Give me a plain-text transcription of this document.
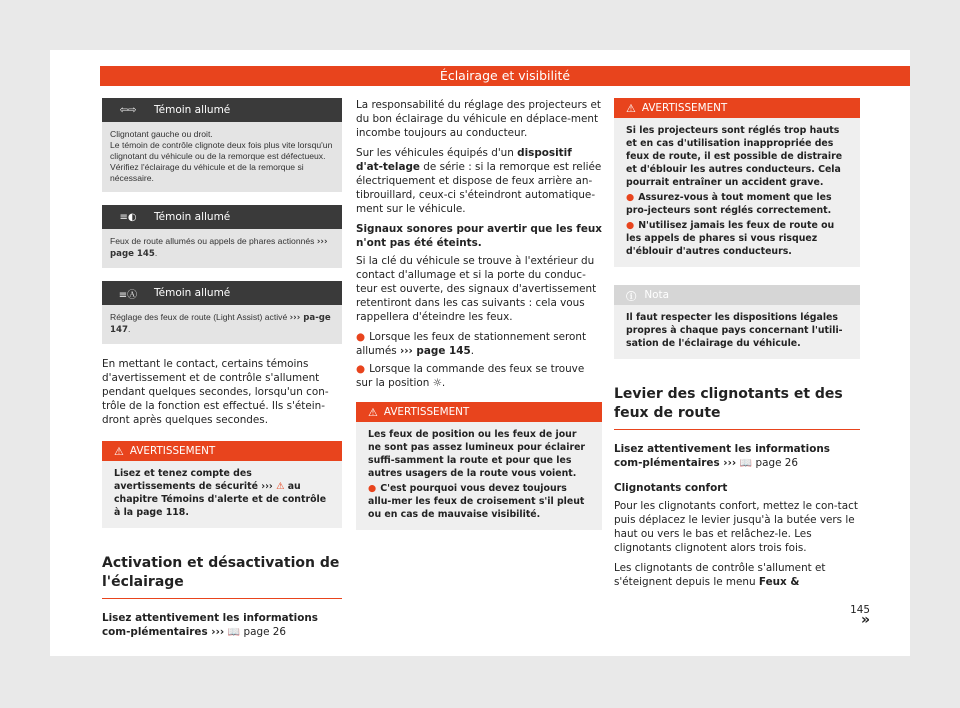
Éclairage et visibilité
⇦⇨	Témoin allumé
Clignotant gauche ou droit.
Le témoin de contrôle clignote deux fois plus vite lorsqu'un clignotant du véhicule ou de la remorque est défectueux. Vérifiez l'éclairage du véhicule et de la remorque si nécessaire.
≡◐	Témoin allumé
Feux de route allumés ou appels de phares actionnés ››› page 145.
≡Ⓐ	Témoin allumé
Réglage des feux de route (Light Assist) activé ››› pa-ge 147.

En mettant le contact, certains témoins d'avertissement et de contrôle s'allument pendant quelques secondes, lorsqu'un con-trôle de la fonction est effectué. Ils s'étein-dront après quelques secondes.

⚠ AVERTISSEMENT
Lisez et tenez compte des avertissements de sécurité ››› ⚠ au chapitre Témoins d'alerte et de contrôle à la page 118.
Activation et désactivation de l'éclairage

Lisez attentivement les informations com-plémentaires ››› 📖 page 26

La responsabilité du réglage des projecteurs et du bon éclairage du véhicule en déplace-ment incombe toujours au conducteur.

Sur les véhicules équipés d'un dispositif d'at-telage de série : si la remorque est reliée électriquement et dispose de feux arrière an-tibrouillard, ceux-ci s'éteindront automatique-ment sur le véhicule.

Signaux sonores pour avertir que les feux n'ont pas été éteints.

Si la clé du véhicule se trouve à l'extérieur du contact d'allumage et si la porte du conduc-teur est ouverte, des signaux d'avertissement retentiront dans les cas suivants : cela vous rappellera d'éteindre les feux.

● Lorsque les feux de stationnement seront allumés ››› page 145.

● Lorsque la commande des feux se trouve sur la position ☼.

⚠ AVERTISSEMENT
Les feux de position ou les feux de jour ne sont pas assez lumineux pour éclairer suffi-samment la route et pour que les autres usagers de la route vous voient.
● C'est pourquoi vous devez toujours allu-mer les feux de croisement s'il pleut ou en cas de mauvaise visibilité.
⚠ AVERTISSEMENT
Si les projecteurs sont réglés trop hauts et en cas d'utilisation inappropriée des feux de route, il est possible de distraire et d'éblouir les autres conducteurs. Cela pourrait entraîner un accident grave.
● Assurez-vous à tout moment que les pro-jecteurs sont réglés correctement.
● N'utilisez jamais les feux de route ou les appels de phares si vous risquez d'éblouir d'autres conducteurs.
ⓘ Nota
Il faut respecter les dispositions légales propres à chaque pays concernant l'utili-sation de l'éclairage du véhicule.
Levier des clignotants et des feux de route

Lisez attentivement les informations com-plémentaires ››› 📖 page 26

Clignotants confort

Pour les clignotants confort, mettez le con-tact puis déplacez le levier jusqu'à la butée vers le haut ou vers le bas et relâchez-le. Les clignotants clignotent alors trois fois.

Les clignotants de contrôle s'allument et s'éteignent depuis le menu Feux &

»
145
